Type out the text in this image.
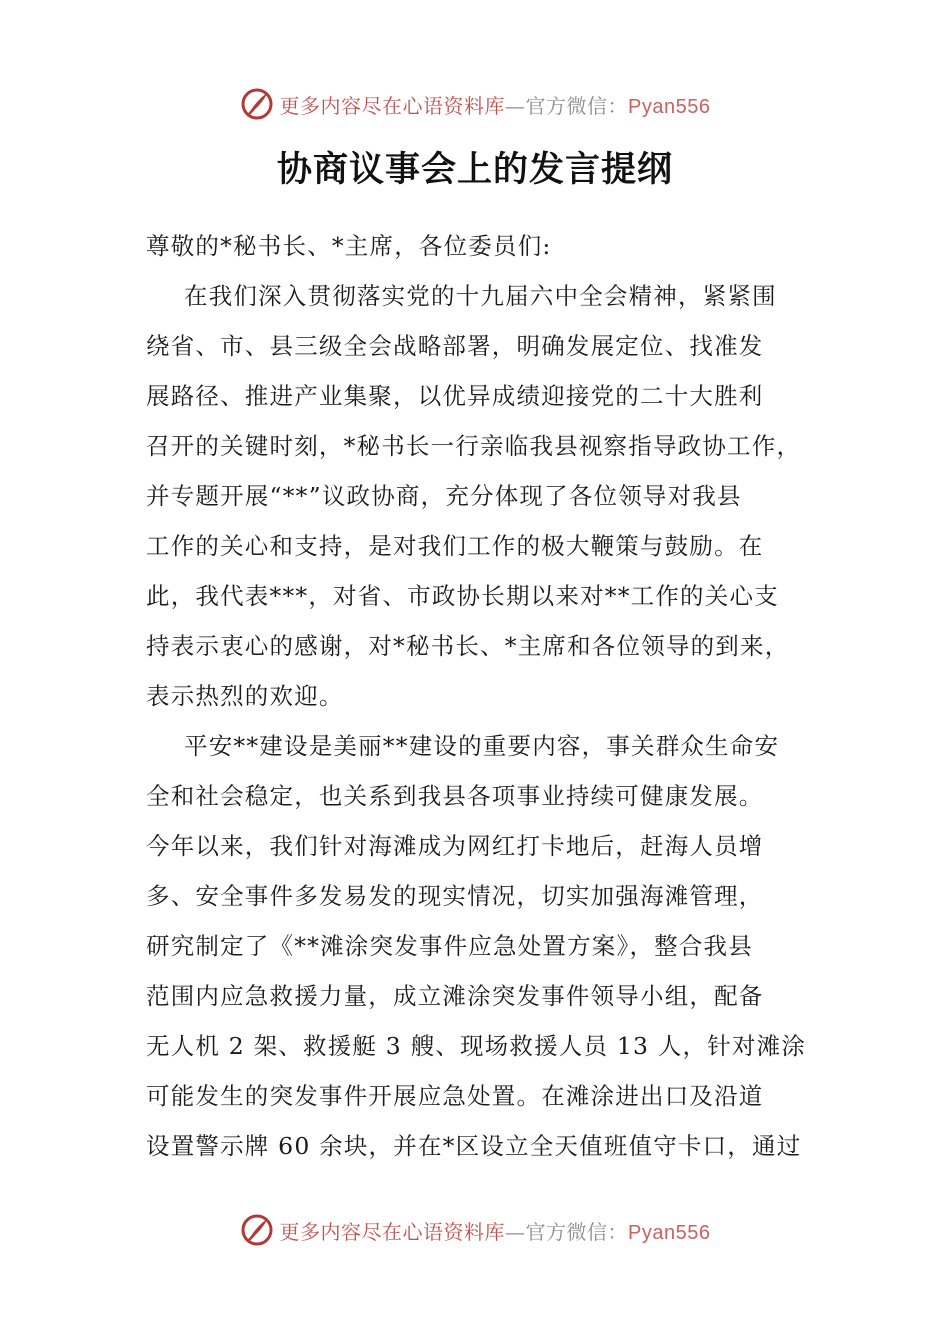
更多内容尽在心语资料库—官方微信：Pyan556
协商议事会上的发言提纲
尊敬的*秘书长、*主席，各位委员们:
在我们深入贯彻落实党的十九届六中全会精神，紧紧围
绕省、市、县三级全会战略部署，明确发展定位、找准发
展路径、推进产业集聚，以优异成绩迎接党的二十大胜利
召开的关键时刻，*秘书长一行亲临我县视察指导政协工作，
并专题开展“**”议政协商，充分体现了各位领导对我县
工作的关心和支持，是对我们工作的极大鞭策与鼓励。在
此，我代表***，对省、市政协长期以来对**工作的关心支
持表示衷心的感谢，对*秘书长、*主席和各位领导的到来，
表示热烈的欢迎。
平安**建设是美丽**建设的重要内容，事关群众生命安
全和社会稳定，也关系到我县各项事业持续可健康发展。
今年以来，我们针对海滩成为网红打卡地后，赶海人员增
多、安全事件多发易发的现实情况，切实加强海滩管理，
研究制定了《**滩涂突发事件应急处置方案》，整合我县
范围内应急救援力量，成立滩涂突发事件领导小组，配备
无人机 2 架、救援艇 3 艘、现场救援人员 13 人，针对滩涂
可能发生的突发事件开展应急处置。在滩涂进出口及沿道
设置警示牌 60 余块，并在*区设立全天值班值守卡口，通过
更多内容尽在心语资料库—官方微信：Pyan556
